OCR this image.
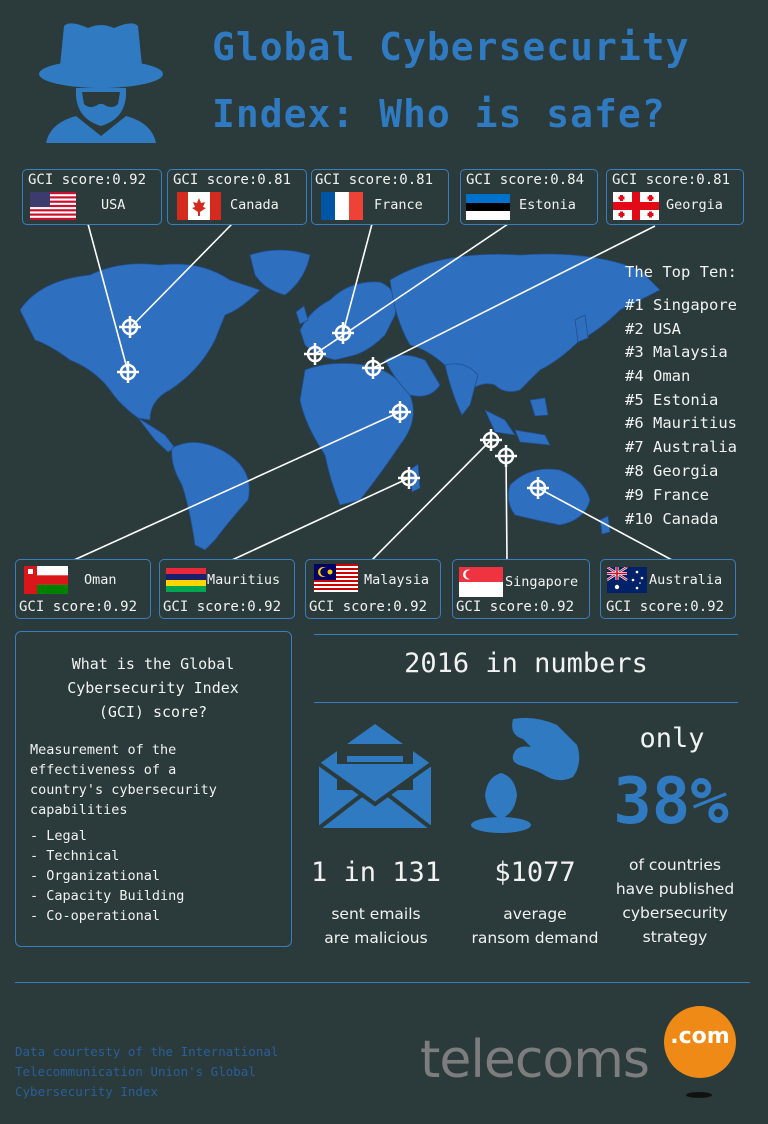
Global Cybersecurity
Index: Who is safe?
GCI score:0.92
USA
GCI score:0.81
Canada
GCI score:0.81
France
GCI score:0.84
Estonia
GCI score:0.81
Georgia
The Top Ten:
#1 Singapore
#2 USA
#3 Malaysia
#4 Oman
#5 Estonia
#6 Mauritius
#7 Australia
#8 Georgia
#9 France
#10 Canada
Oman
GCI score:0.92
Mauritius
GCI score:0.92
Malaysia
GCI score:0.92
Singapore
GCI score:0.92
Australia
GCI score:0.92
What is the Global
Cybersecurity Index
(GCI) score?
Measurement of the
effectiveness of a
country's cybersecurity
capabilities
- Legal
- Technical
- Organizational
- Capacity Building
- Co-operational
2016 in numbers
only
38%
1 in 131	$1077
sent emails
are malicious
average
ransom demand
of countries
have published
cybersecurity
strategy
Data courtesty of the International
Telecommunication Union's Global
Cybersecurity Index
telecoms .com
